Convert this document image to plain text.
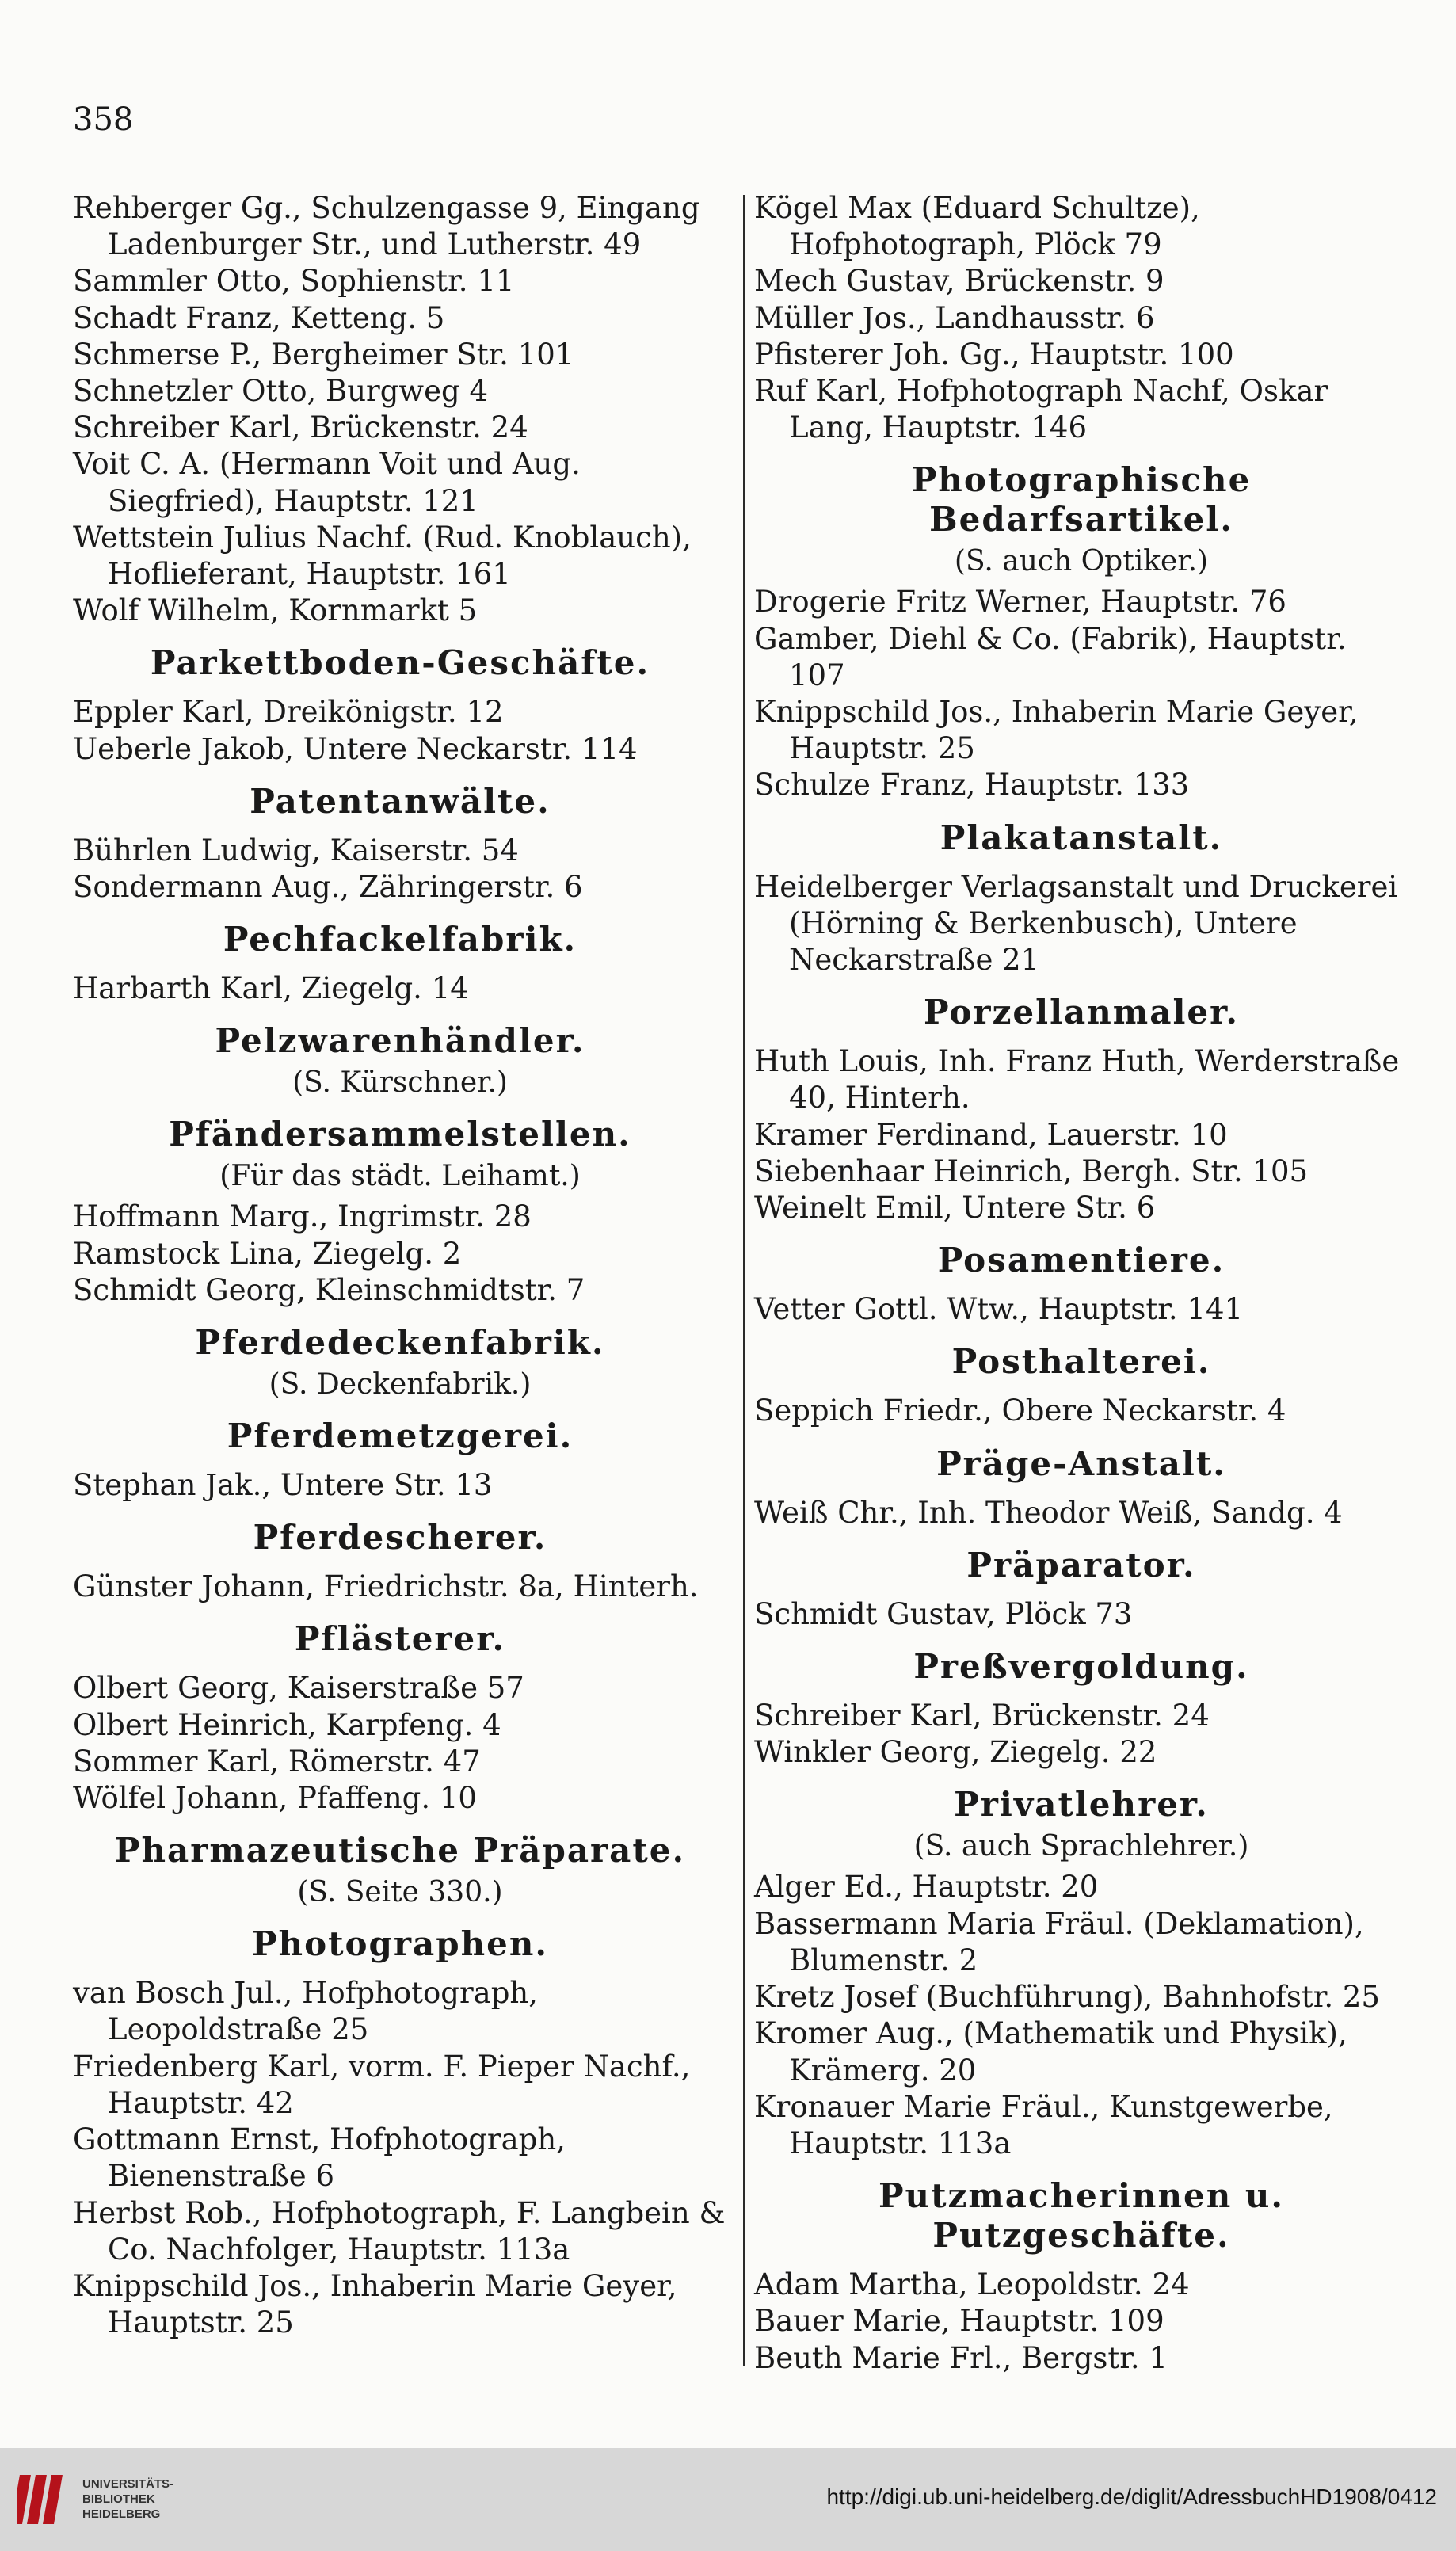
358
Rehberger Gg., Schulzengasse 9, Eingang Ladenburger Str., und Lutherstr. 49
Sammler Otto, Sophienstr. 11
Schadt Franz, Ketteng. 5
Schmerse P., Bergheimer Str. 101
Schnetzler Otto, Burgweg 4
Schreiber Karl, Brückenstr. 24
Voit C. A. (Hermann Voit und Aug. Siegfried), Hauptstr. 121
Wettstein Julius Nachf. (Rud. Knoblauch), Hoflieferant, Hauptstr. 161
Wolf Wilhelm, Kornmarkt 5
Parkettboden-Geschäfte.
Eppler Karl, Dreikönigstr. 12
Ueberle Jakob, Untere Neckarstr. 114
Patentanwälte.
Bührlen Ludwig, Kaiserstr. 54
Sondermann Aug., Zähringerstr. 6
Pechfackelfabrik.
Harbarth Karl, Ziegelg. 14
Pelzwarenhändler.
(S. Kürschner.)
Pfändersammelstellen.
(Für das städt. Leihamt.)
Hoffmann Marg., Ingrimstr. 28
Ramstock Lina, Ziegelg. 2
Schmidt Georg, Kleinschmidtstr. 7
Pferdedeckenfabrik.
(S. Deckenfabrik.)
Pferdemetzgerei.
Stephan Jak., Untere Str. 13
Pferdescherer.
Günster Johann, Friedrichstr. 8a, Hinterh.
Pflästerer.
Olbert Georg, Kaiserstraße 57
Olbert Heinrich, Karpfeng. 4
Sommer Karl, Römerstr. 47
Wölfel Johann, Pfaffeng. 10
Pharmazeutische Präparate.
(S. Seite 330.)
Photographen.
van Bosch Jul., Hofphotograph, Leopoldstraße 25
Friedenberg Karl, vorm. F. Pieper Nachf., Hauptstr. 42
Gottmann Ernst, Hofphotograph, Bienenstraße 6
Herbst Rob., Hofphotograph, F. Langbein & Co. Nachfolger, Hauptstr. 113a
Knippschild Jos., Inhaberin Marie Geyer, Hauptstr. 25
Kögel Max (Eduard Schultze), Hofphotograph, Plöck 79
Mech Gustav, Brückenstr. 9
Müller Jos., Landhausstr. 6
Pfisterer Joh. Gg., Hauptstr. 100
Ruf Karl, Hofphotograph Nachf, Oskar Lang, Hauptstr. 146
Photographische Bedarfsartikel.
(S. auch Optiker.)
Drogerie Fritz Werner, Hauptstr. 76
Gamber, Diehl & Co. (Fabrik), Hauptstr. 107
Knippschild Jos., Inhaberin Marie Geyer, Hauptstr. 25
Schulze Franz, Hauptstr. 133
Plakatanstalt.
Heidelberger Verlagsanstalt und Druckerei (Hörning & Berkenbusch), Untere Neckarstraße 21
Porzellanmaler.
Huth Louis, Inh. Franz Huth, Werderstraße 40, Hinterh.
Kramer Ferdinand, Lauerstr. 10
Siebenhaar Heinrich, Bergh. Str. 105
Weinelt Emil, Untere Str. 6
Posamentiere.
Vetter Gottl. Wtw., Hauptstr. 141
Posthalterei.
Seppich Friedr., Obere Neckarstr. 4
Präge-Anstalt.
Weiß Chr., Inh. Theodor Weiß, Sandg. 4
Präparator.
Schmidt Gustav, Plöck 73
Preßvergoldung.
Schreiber Karl, Brückenstr. 24
Winkler Georg, Ziegelg. 22
Privatlehrer.
(S. auch Sprachlehrer.)
Alger Ed., Hauptstr. 20
Bassermann Maria Fräul. (Deklamation), Blumenstr. 2
Kretz Josef (Buchführung), Bahnhofstr. 25
Kromer Aug., (Mathematik und Physik), Krämerg. 20
Kronauer Marie Fräul., Kunstgewerbe, Hauptstr. 113a
Putzmacherinnen u. Putzgeschäfte.
Adam Martha, Leopoldstr. 24
Bauer Marie, Hauptstr. 109
Beuth Marie Frl., Bergstr. 1
UNIVERSITÄTS-
BIBLIOTHEK
HEIDELBERG
http://digi.ub.uni-heidelberg.de/diglit/AdressbuchHD1908/0412
